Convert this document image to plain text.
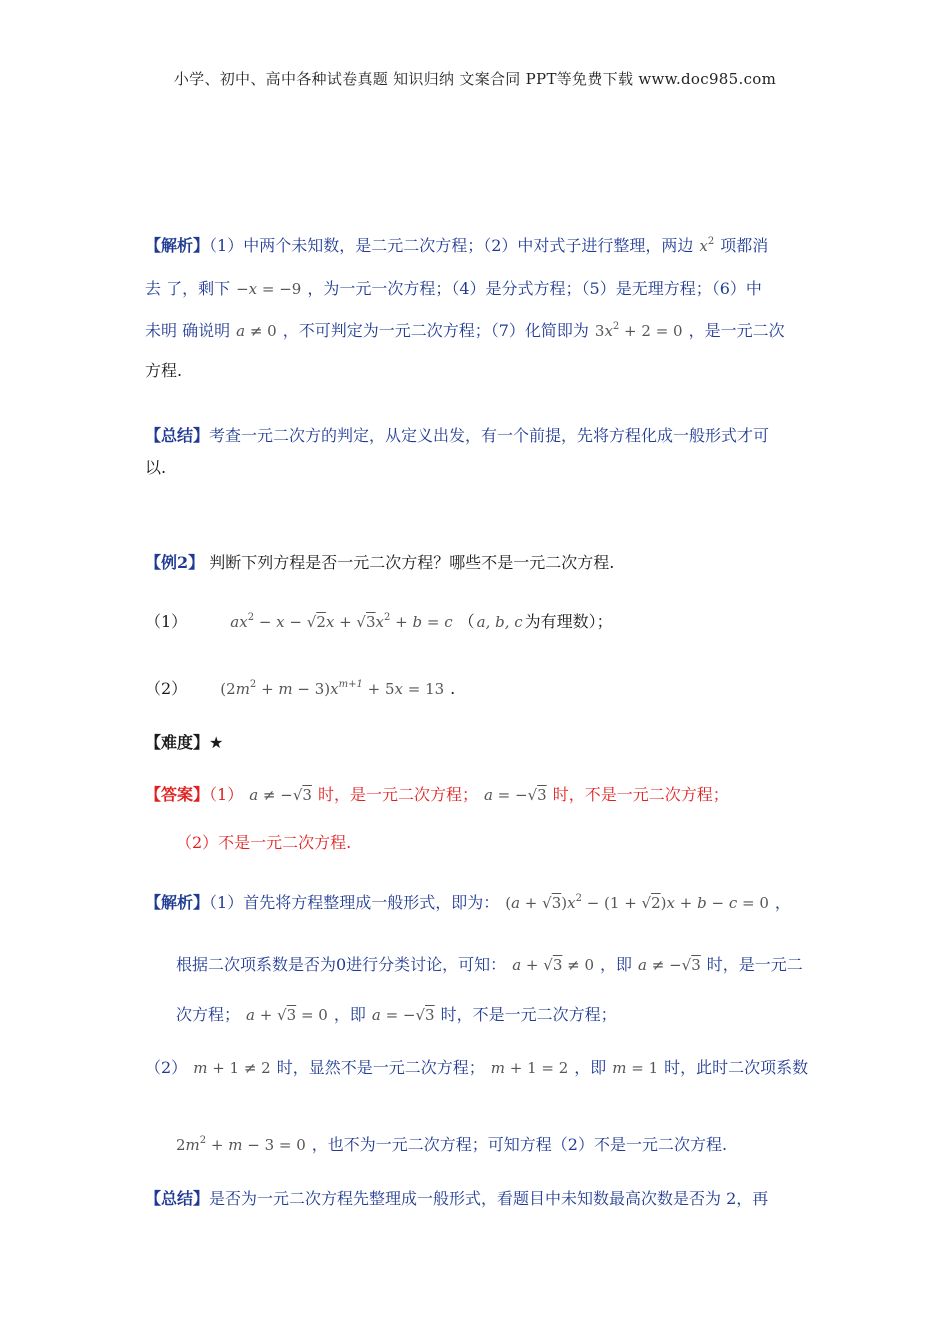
小学、初中、高中各种试卷真题 知识归纳 文案合同 PPT等免费下载 www.doc985.com
【解析】（1）中两个未知数，是二元二次方程；（2）中对式子进行整理，两边 $x^2$ 项都消
去 了，剩下 −x = −9 ，为一元一次方程；（4）是分式方程；（5）是无理方程；（6）中
未明 确说明 a ≠ 0 ，不可判定为一元二次方程；（7）化简即为 $3x^2 + 2 = 0$ ，是一元二次
方程.
【总结】考查一元二次方的判定，从定义出发，有一个前提，先将方程化成一般形式才可
以.
【例2】 判断下列方程是否一元二次方程？哪些不是一元二次方程.
（1）	$ax^2 - x - √2x + √3x^2 + b = c$ （ a, b, c 为有理数）；
（2） $(2m^2 + m - 3)x^{m+1} + 5x = 13$ .
【难度】★
【答案】（1） a ≠ −√3 时，是一元二次方程； a = −√3 时，不是一元二次方程；
（2）不是一元二次方程.
【解析】（1）首先将方程整理成一般形式，即为： $(a + √3)x^2 - (1 + √2)x + b - c = 0$ ，
根据二次项系数是否为0进行分类讨论，可知： a + √3 ≠ 0 ，即 a ≠ −√3 时，是一元二
次方程； a + √3 = 0 ，即 a = −√3 时，不是一元二次方程；
（2） m + 1 ≠ 2 时，显然不是一元二次方程； m + 1 = 2 ，即 m = 1 时，此时二次项系数
$2m^2 + m - 3 = 0$ ，也不为一元二次方程；可知方程（2）不是一元二次方程.
【总结】是否为一元二次方程先整理成一般形式，看题目中未知数最高次数是否为 2，再
